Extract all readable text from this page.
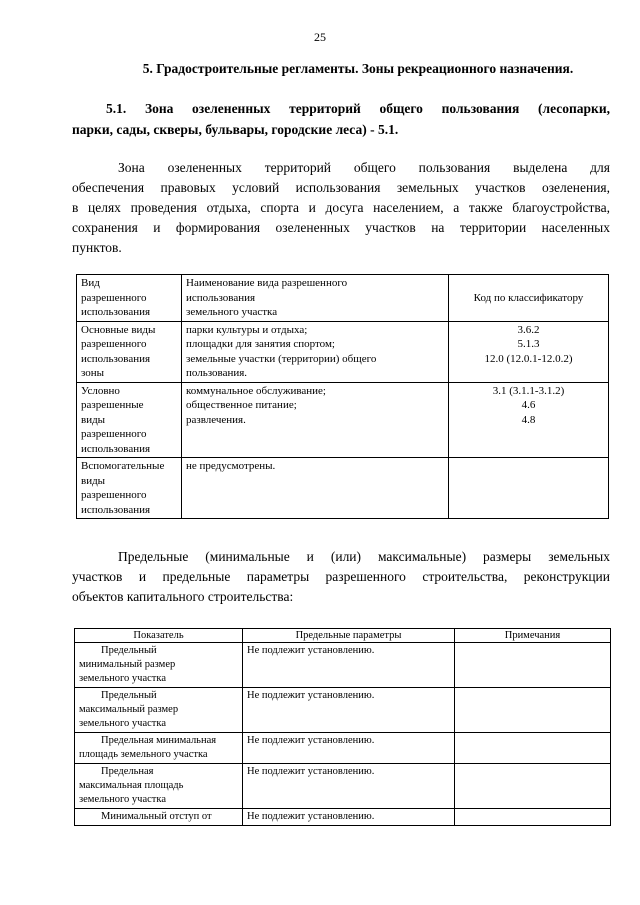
25
5. Градостроительные регламенты. Зоны рекреационного назначения.
5.1. Зона озелененных территорий общего пользования (лесопарки,
парки, сады, скверы, бульвары, городские леса) - 5.1.
Зона озелененных территорий общего пользования выделена для
обеспечения правовых условий использования земельных участков озеленения,
в целях проведения отдыха, спорта и досуга населением, а также благоустройства,
сохранения и формирования озелененных участков на территории населенных
пунктов.
Вид
разрешенного
использования	Наименование вида разрешенного
использования
земельного участка	Код по классификатору

Основные виды
разрешенного
использования
зоны	парки культуры и отдыха;
площадки для занятия спортом;
земельные участки (территории) общего
пользования.	3.6.2
5.1.3
12.0 (12.0.1-12.0.2)

Условно
разрешенные
виды
разрешенного
использования	коммунальное обслуживание;
общественное питание;
развлечения.	3.1 (3.1.1-3.1.2)
4.6
4.8

Вспомогательные
виды
разрешенного
использования	не предусмотрены.	

Предельные (минимальные и (или) максимальные) размеры земельных
участков и предельные параметры разрешенного строительства, реконструкции
объектов капитального строительства:
Показатель	Предельные параметры	Примечания

Предельный
минимальный размер
земельного участка	Не подлежит установлению.	

Предельный
максимальный размер
земельного участка	Не подлежит установлению.	

Предельная минимальная
площадь земельного участка	Не подлежит установлению.	

Предельная
максимальная площадь
земельного участка	Не подлежит установлению.	

Минимальный отступ от	Не подлежит установлению.	
